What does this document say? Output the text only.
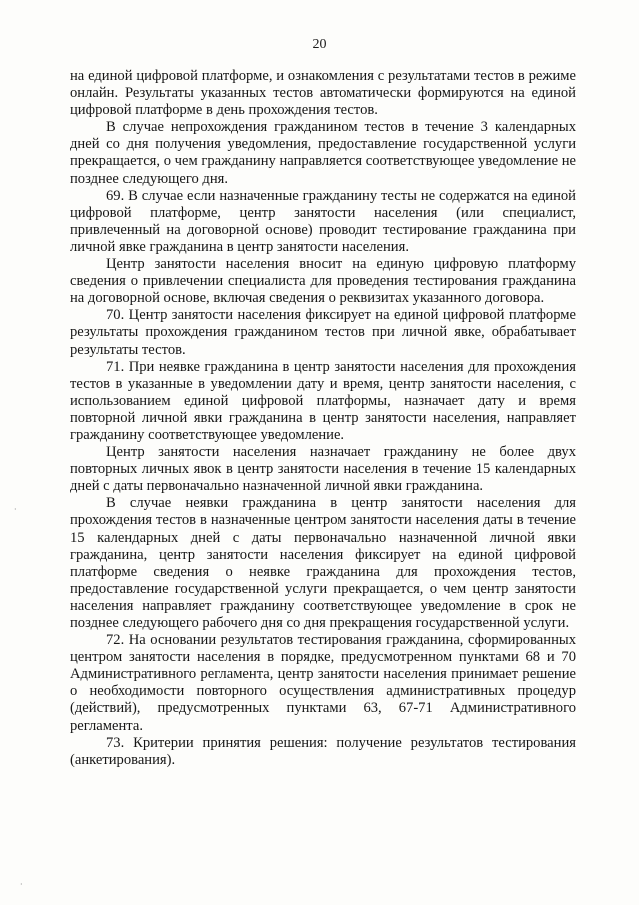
20

на единой цифровой платформе, и ознакомления с результатами тестов в режиме онлайн. Результаты указанных тестов автоматически формируются на единой цифровой платформе в день прохождения тестов.

В случае непрохождения гражданином тестов в течение 3 календарных дней со дня получения уведомления, предоставление государственной услуги прекращается, о чем гражданину направляется соответствующее уведомление не позднее следующего дня.

69. В случае если назначенные гражданину тесты не содержатся на единой цифровой платформе, центр занятости населения (или специалист, привлеченный на договорной основе) проводит тестирование гражданина при личной явке гражданина в центр занятости населения.

Центр занятости населения вносит на единую цифровую платформу сведения о привлечении специалиста для проведения тестирования гражданина на договорной основе, включая сведения о реквизитах указанного договора.

70. Центр занятости населения фиксирует на единой цифровой платформе результаты прохождения гражданином тестов при личной явке, обрабатывает результаты тестов.

71. При неявке гражданина в центр занятости населения для прохождения тестов в указанные в уведомлении дату и время, центр занятости населения, с использованием единой цифровой платформы, назначает дату и время повторной личной явки гражданина в центр занятости населения, направляет гражданину соответствующее уведомление.

Центр занятости населения назначает гражданину не более двух повторных личных явок в центр занятости населения в течение 15 календарных дней с даты первоначально назначенной личной явки гражданина.

В случае неявки гражданина в центр занятости населения для прохождения тестов в назначенные центром занятости населения даты в течение 15 календарных дней с даты первоначально назначенной личной явки гражданина, центр занятости населения фиксирует на единой цифровой платформе сведения о неявке гражданина для прохождения тестов, предоставление государственной услуги прекращается, о чем центр занятости населения направляет гражданину соответствующее уведомление в срок не позднее следующего рабочего дня со дня прекращения государственной услуги.

72. На основании результатов тестирования гражданина, сформированных центром занятости населения в порядке, предусмотренном пунктами 68 и 70 Административного регламента, центр занятости населения принимает решение о необходимости повторного осуществления административных процедур (действий), предусмотренных пунктами 63, 67-71 Административного регламента.

73. Критерии принятия решения: получение результатов тестирования (анкетирования).

·
·
